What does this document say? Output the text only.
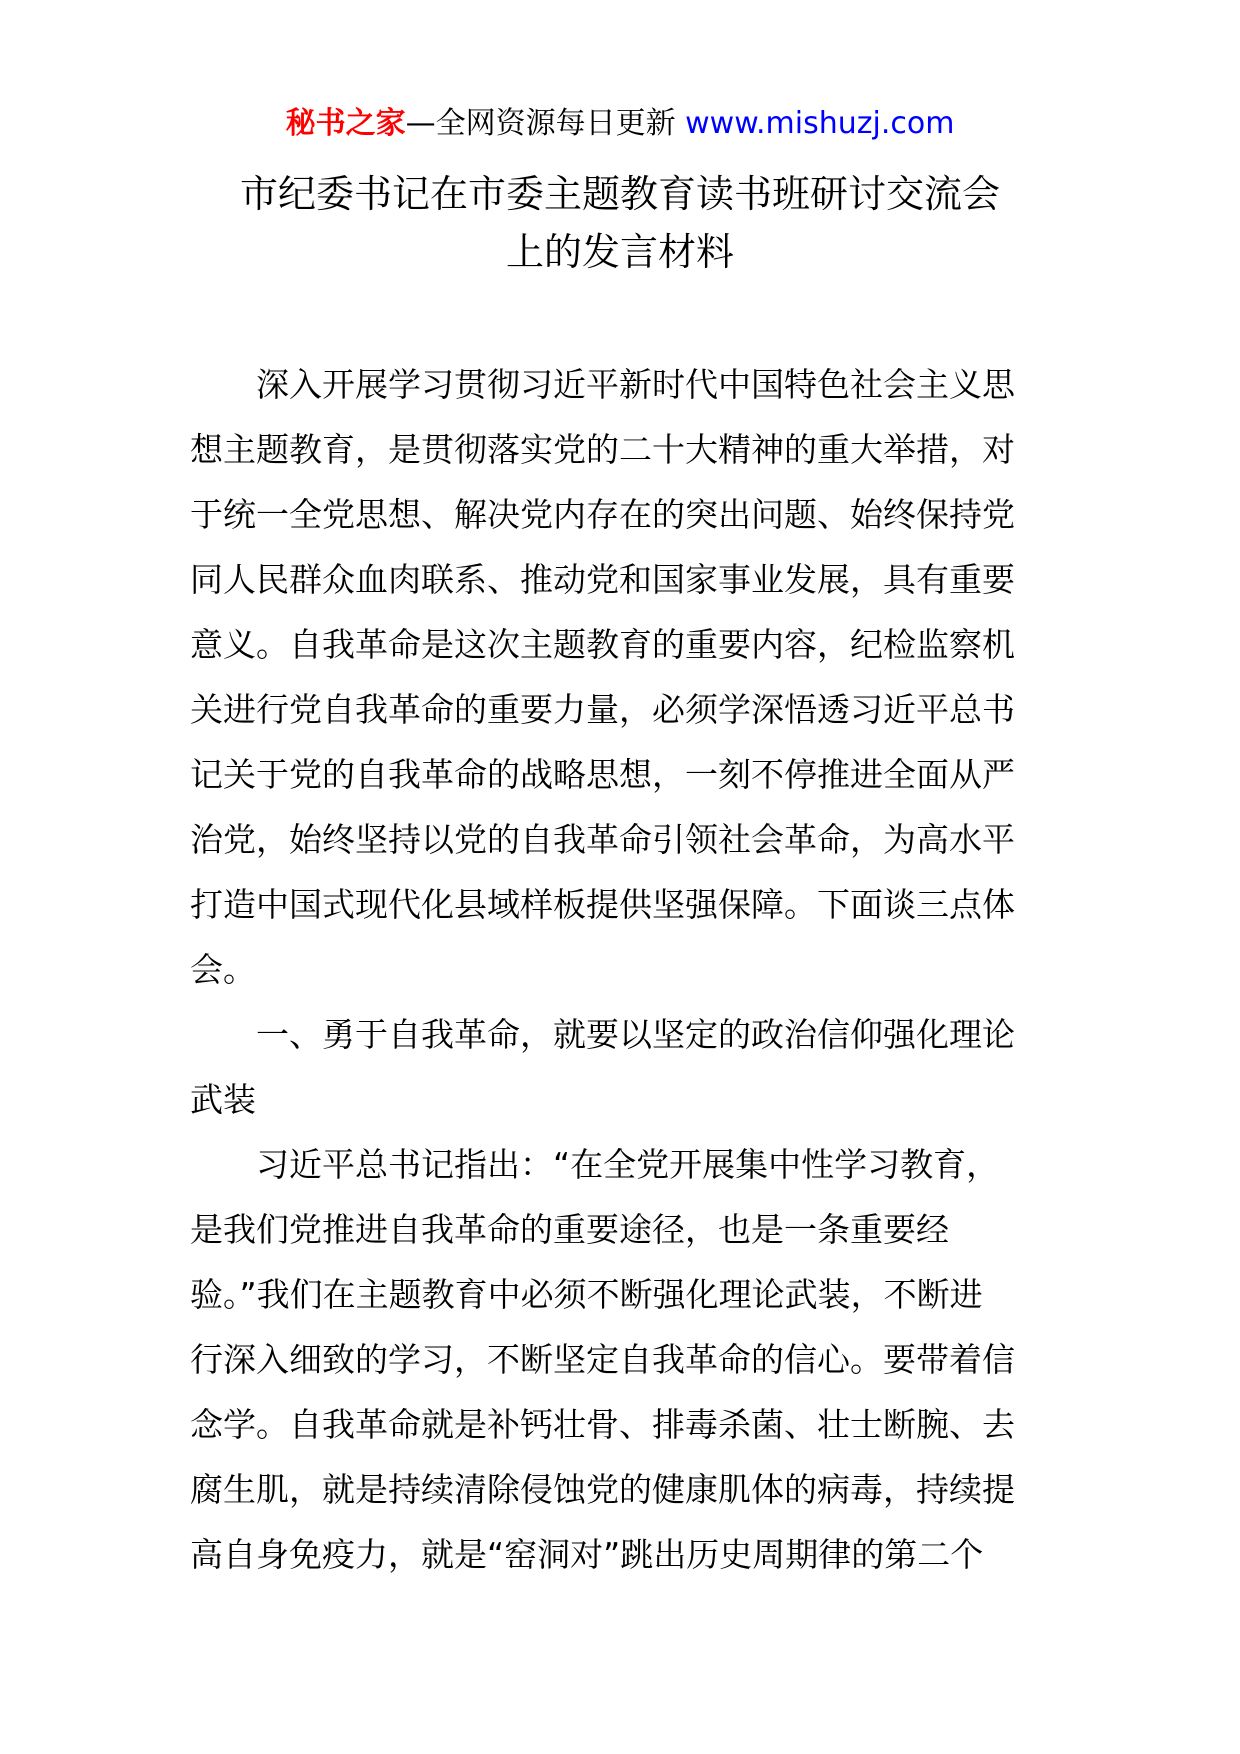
秘书之家—全网资源每日更新 www.mishuzj.com
市纪委书记在市委主题教育读书班研讨交流会
上的发言材料
　　深入开展学习贯彻习近平新时代中国特色社会主义思
想主题教育，是贯彻落实党的二十大精神的重大举措，对
于统一全党思想、解决党内存在的突出问题、始终保持党
同人民群众血肉联系、推动党和国家事业发展，具有重要
意义。自我革命是这次主题教育的重要内容，纪检监察机
关进行党自我革命的重要力量，必须学深悟透习近平总书
记关于党的自我革命的战略思想，一刻不停推进全面从严
治党，始终坚持以党的自我革命引领社会革命，为高水平
打造中国式现代化县域样板提供坚强保障。下面谈三点体
会。
　　一、勇于自我革命，就要以坚定的政治信仰强化理论
武装
　　习近平总书记指出：“在全党开展集中性学习教育，
是我们党推进自我革命的重要途径，也是一条重要经
验。”我们在主题教育中必须不断强化理论武装，不断进
行深入细致的学习，不断坚定自我革命的信心。要带着信
念学。自我革命就是补钙壮骨、排毒杀菌、壮士断腕、去
腐生肌，就是持续清除侵蚀党的健康肌体的病毒，持续提
高自身免疫力，就是“窑洞对”跳出历史周期律的第二个
